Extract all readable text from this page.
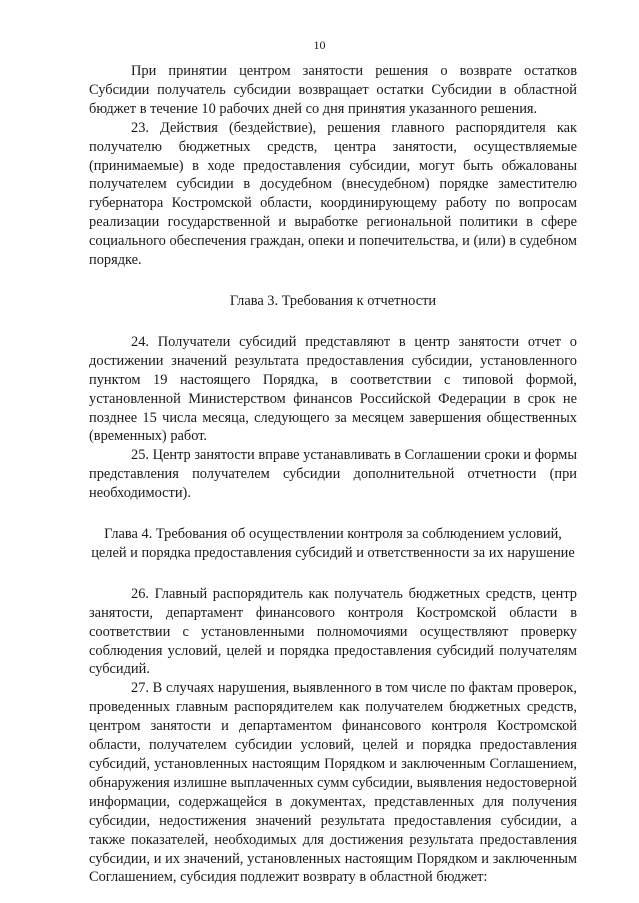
10

При принятии центром занятости решения о возврате остатков Субсидии получатель субсидии возвращает остатки Субсидии в областной бюджет в течение 10 рабочих дней со дня принятия указанного решения.

23. Действия (бездействие), решения главного распорядителя как получателю бюджетных средств, центра занятости, осуществляемые (принимаемые) в ходе предоставления субсидии, могут быть обжалованы получателем субсидии в досудебном (внесудебном) порядке заместителю губернатора Костромской области, координирующему работу по вопросам реализации государственной и выработке региональной политики в сфере социального обеспечения граждан, опеки и попечительства, и (или) в судебном порядке.

Глава 3. Требования к отчетности

24. Получатели субсидий представляют в центр занятости отчет о достижении значений результата предоставления субсидии, установленного пунктом 19 настоящего Порядка, в соответствии с типовой формой, установленной Министерством финансов Российской Федерации в срок не позднее 15 числа месяца, следующего за месяцем завершения общественных (временных) работ.

25. Центр занятости вправе устанавливать в Соглашении сроки и формы представления получателем субсидии дополнительной отчетности (при необходимости).

Глава 4. Требования об осуществлении контроля за соблюдением условий, целей и порядка предоставления субсидий и ответственности за их нарушение

26. Главный распорядитель как получатель бюджетных средств, центр занятости, департамент финансового контроля Костромской области в соответствии с установленными полномочиями осуществляют проверку соблюдения условий, целей и порядка предоставления субсидий получателям субсидий.

27. В случаях нарушения, выявленного в том числе по фактам проверок, проведенных главным распорядителем как получателем бюджетных средств, центром занятости и департаментом финансового контроля Костромской области, получателем субсидии условий, целей и порядка предоставления субсидий, установленных настоящим Порядком и заключенным Соглашением, обнаружения излишне выплаченных сумм субсидии, выявления недостоверной информации, содержащейся в документах, представленных для получения субсидии, недостижения значений результата предоставления субсидии, а также показателей, необходимых для достижения результата предоставления субсидии, и их значений, установленных настоящим Порядком и заключенным Соглашением, субсидия подлежит возврату в областной бюджет:
